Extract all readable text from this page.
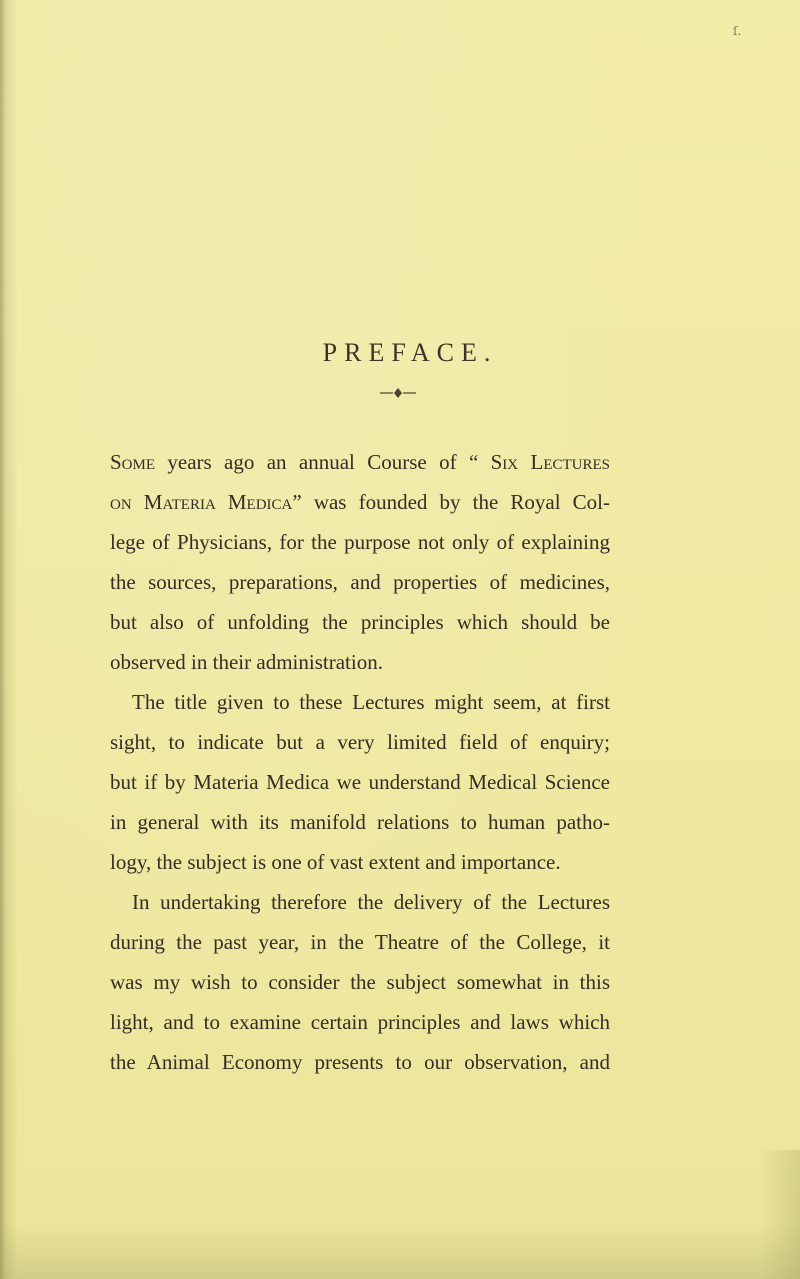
ſ.
PREFACE.
Some years ago an annual Course of “ Six Lectures
on Materia Medica” was founded by the Royal Col-
lege of Physicians, for the purpose not only of explaining
the sources, preparations, and properties of medicines,
but also of unfolding the principles which should be
observed in their administration.
The title given to these Lectures might seem, at first
sight, to indicate but a very limited field of enquiry;
but if by Materia Medica we understand Medical Science
in general with its manifold relations to human patho-
logy, the subject is one of vast extent and importance.
In undertaking therefore the delivery of the Lectures
during the past year, in the Theatre of the College, it
was my wish to consider the subject somewhat in this
light, and to examine certain principles and laws which
the Animal Economy presents to our observation, and
